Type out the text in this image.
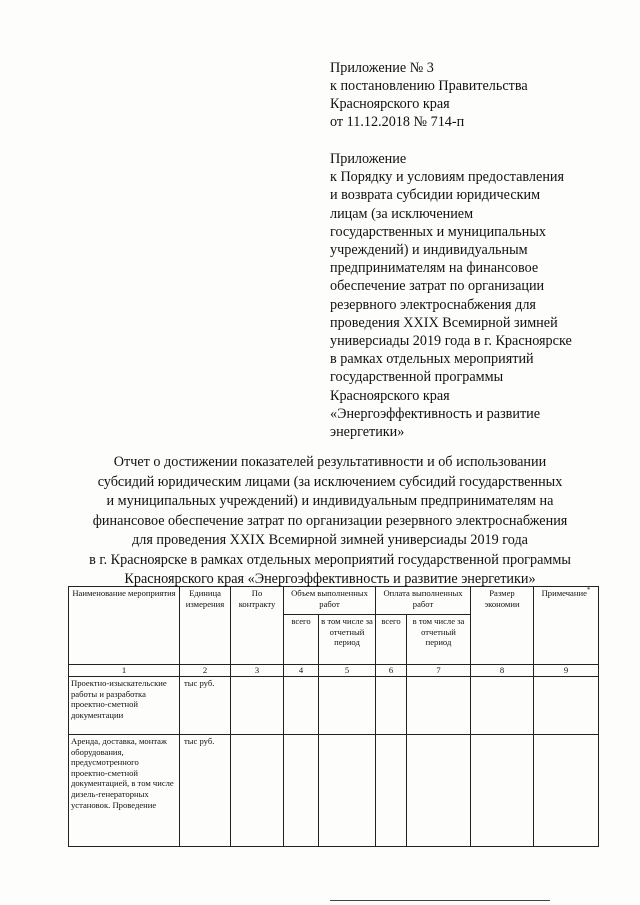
Приложение № 3
к постановлению Правительства
Красноярского края
от 11.12.2018 № 714-п
Приложение
к Порядку и условиям предоставления
и возврата субсидии юридическим
лицам (за исключением
государственных и муниципальных
учреждений) и индивидуальным
предпринимателям на финансовое
обеспечение затрат по организации
резервного электроснабжения для
проведения XXIX Всемирной зимней
универсиады 2019 года в г. Красноярске
в рамках отдельных мероприятий
государственной программы
Красноярского края
«Энергоэффективность и развитие
энергетики»
Отчет о достижении показателей результативности и об использовании
субсидий юридическим лицами (за исключением субсидий государственных
и муниципальных учреждений) и индивидуальным предпринимателям на
финансовое обеспечение затрат по организации резервного электроснабжения
для проведения XXIX Всемирной зимней универсиады 2019 года
в г. Красноярске в рамках отдельных мероприятий государственной программы
Красноярского края «Энергоэффективность и развитие энергетики»
Наименование мероприятия	Единица измерения	По контракту	Объем выполненных работ		Оплата выполненных работ		Размер экономии	Примечание*
			всего	в том числе за отчетный период	всего	в том числе за отчетный период		
1	2	3	4	5	6	7	8	9
Проектно-изыскательские работы и разработка проектно-сметной документации	тыс руб.							
Аренда, доставка, монтаж оборудования, предусмотренного проектно-сметной документацией, в том числе дизель-генераторных установок. Проведение	тыс руб.							
